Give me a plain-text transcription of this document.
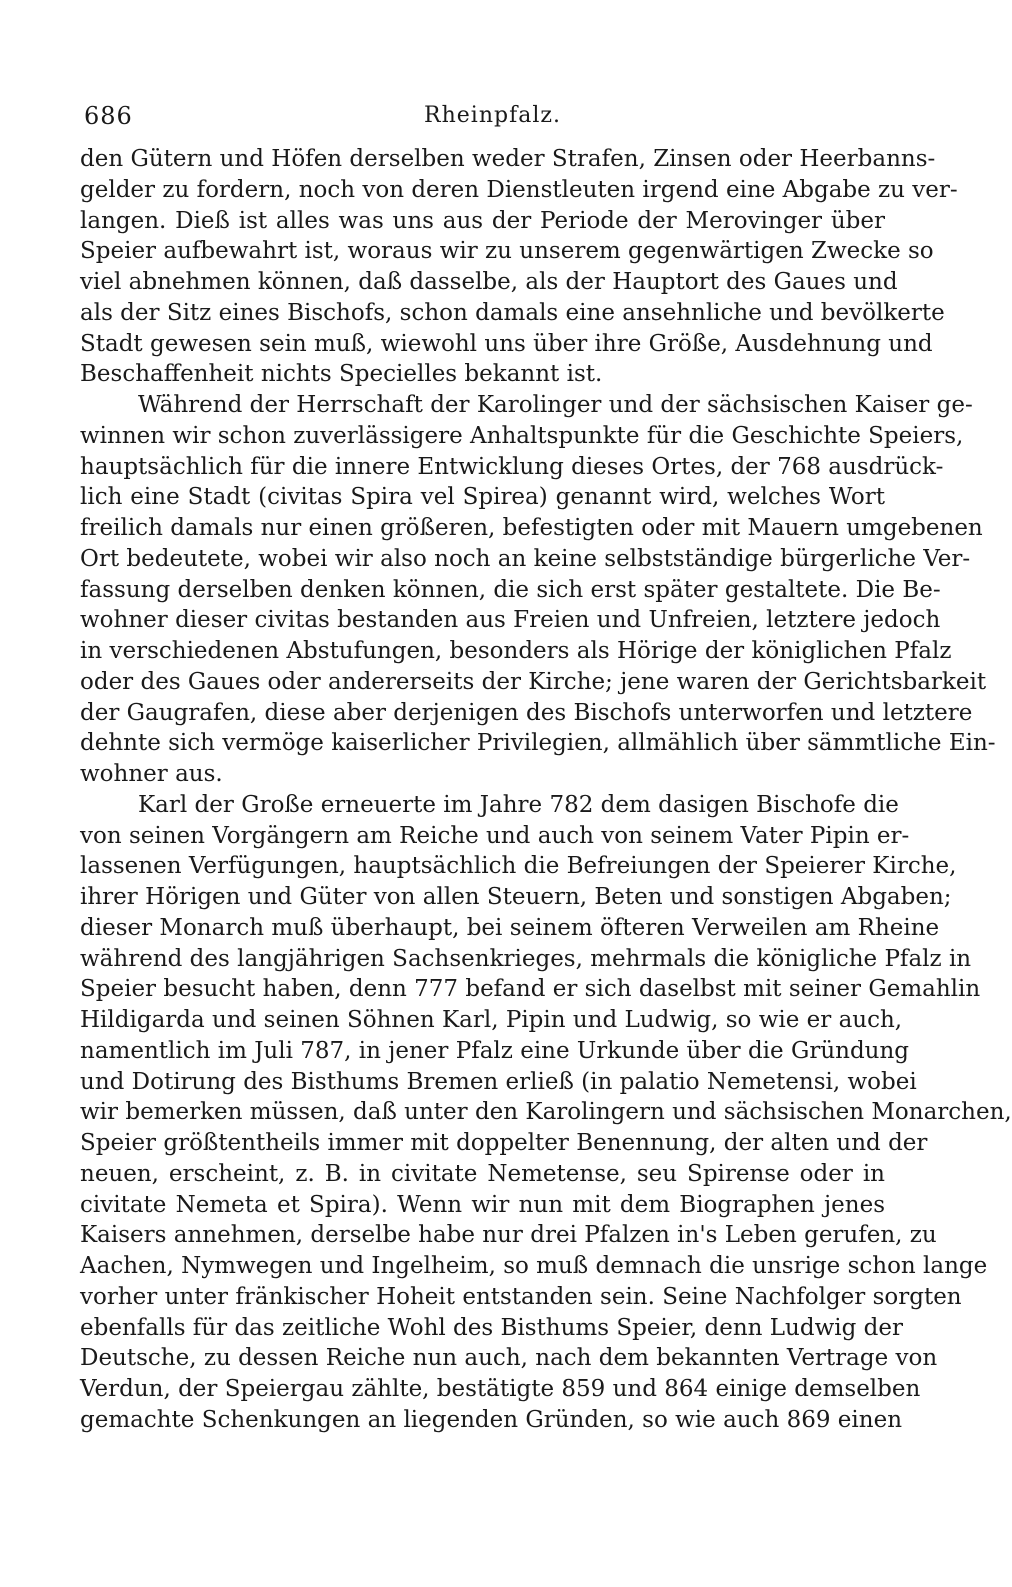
686	Rheinpfalz.
den Gütern und Höfen derselben weder Strafen, Zinsen oder Heerbanns-
gelder zu fordern, noch von deren Dienstleuten irgend eine Abgabe zu ver-
langen. Dieß ist alles was uns aus der Periode der Merovinger über
Speier aufbewahrt ist, woraus wir zu unserem gegenwärtigen Zwecke so
viel abnehmen können, daß dasselbe, als der Hauptort des Gaues und
als der Sitz eines Bischofs, schon damals eine ansehnliche und bevölkerte
Stadt gewesen sein muß, wiewohl uns über ihre Größe, Ausdehnung und
Beschaffenheit nichts Specielles bekannt ist.
Während der Herrschaft der Karolinger und der sächsischen Kaiser ge-
winnen wir schon zuverlässigere Anhaltspunkte für die Geschichte Speiers,
hauptsächlich für die innere Entwicklung dieses Ortes, der 768 ausdrück-
lich eine Stadt (civitas Spira vel Spirea) genannt wird, welches Wort
freilich damals nur einen größeren, befestigten oder mit Mauern umgebenen
Ort bedeutete, wobei wir also noch an keine selbstständige bürgerliche Ver-
fassung derselben denken können, die sich erst später gestaltete. Die Be-
wohner dieser civitas bestanden aus Freien und Unfreien, letztere jedoch
in verschiedenen Abstufungen, besonders als Hörige der königlichen Pfalz
oder des Gaues oder andererseits der Kirche; jene waren der Gerichtsbarkeit
der Gaugrafen, diese aber derjenigen des Bischofs unterworfen und letztere
dehnte sich vermöge kaiserlicher Privilegien, allmählich über sämmtliche Ein-
wohner aus.
Karl der Große erneuerte im Jahre 782 dem dasigen Bischofe die
von seinen Vorgängern am Reiche und auch von seinem Vater Pipin er-
lassenen Verfügungen, hauptsächlich die Befreiungen der Speierer Kirche,
ihrer Hörigen und Güter von allen Steuern, Beten und sonstigen Abgaben;
dieser Monarch muß überhaupt, bei seinem öfteren Verweilen am Rheine
während des langjährigen Sachsenkrieges, mehrmals die königliche Pfalz in
Speier besucht haben, denn 777 befand er sich daselbst mit seiner Gemahlin
Hildigarda und seinen Söhnen Karl, Pipin und Ludwig, so wie er auch,
namentlich im Juli 787, in jener Pfalz eine Urkunde über die Gründung
und Dotirung des Bisthums Bremen erließ (in palatio Nemetensi, wobei
wir bemerken müssen, daß unter den Karolingern und sächsischen Monarchen,
Speier größtentheils immer mit doppelter Benennung, der alten und der
neuen, erscheint, z. B. in civitate Nemetense, seu Spirense oder in
civitate Nemeta et Spira). Wenn wir nun mit dem Biographen jenes
Kaisers annehmen, derselbe habe nur drei Pfalzen in's Leben gerufen, zu
Aachen, Nymwegen und Ingelheim, so muß demnach die unsrige schon lange
vorher unter fränkischer Hoheit entstanden sein. Seine Nachfolger sorgten
ebenfalls für das zeitliche Wohl des Bisthums Speier, denn Ludwig der
Deutsche, zu dessen Reiche nun auch, nach dem bekannten Vertrage von
Verdun, der Speiergau zählte, bestätigte 859 und 864 einige demselben
gemachte Schenkungen an liegenden Gründen, so wie auch 869 einen
